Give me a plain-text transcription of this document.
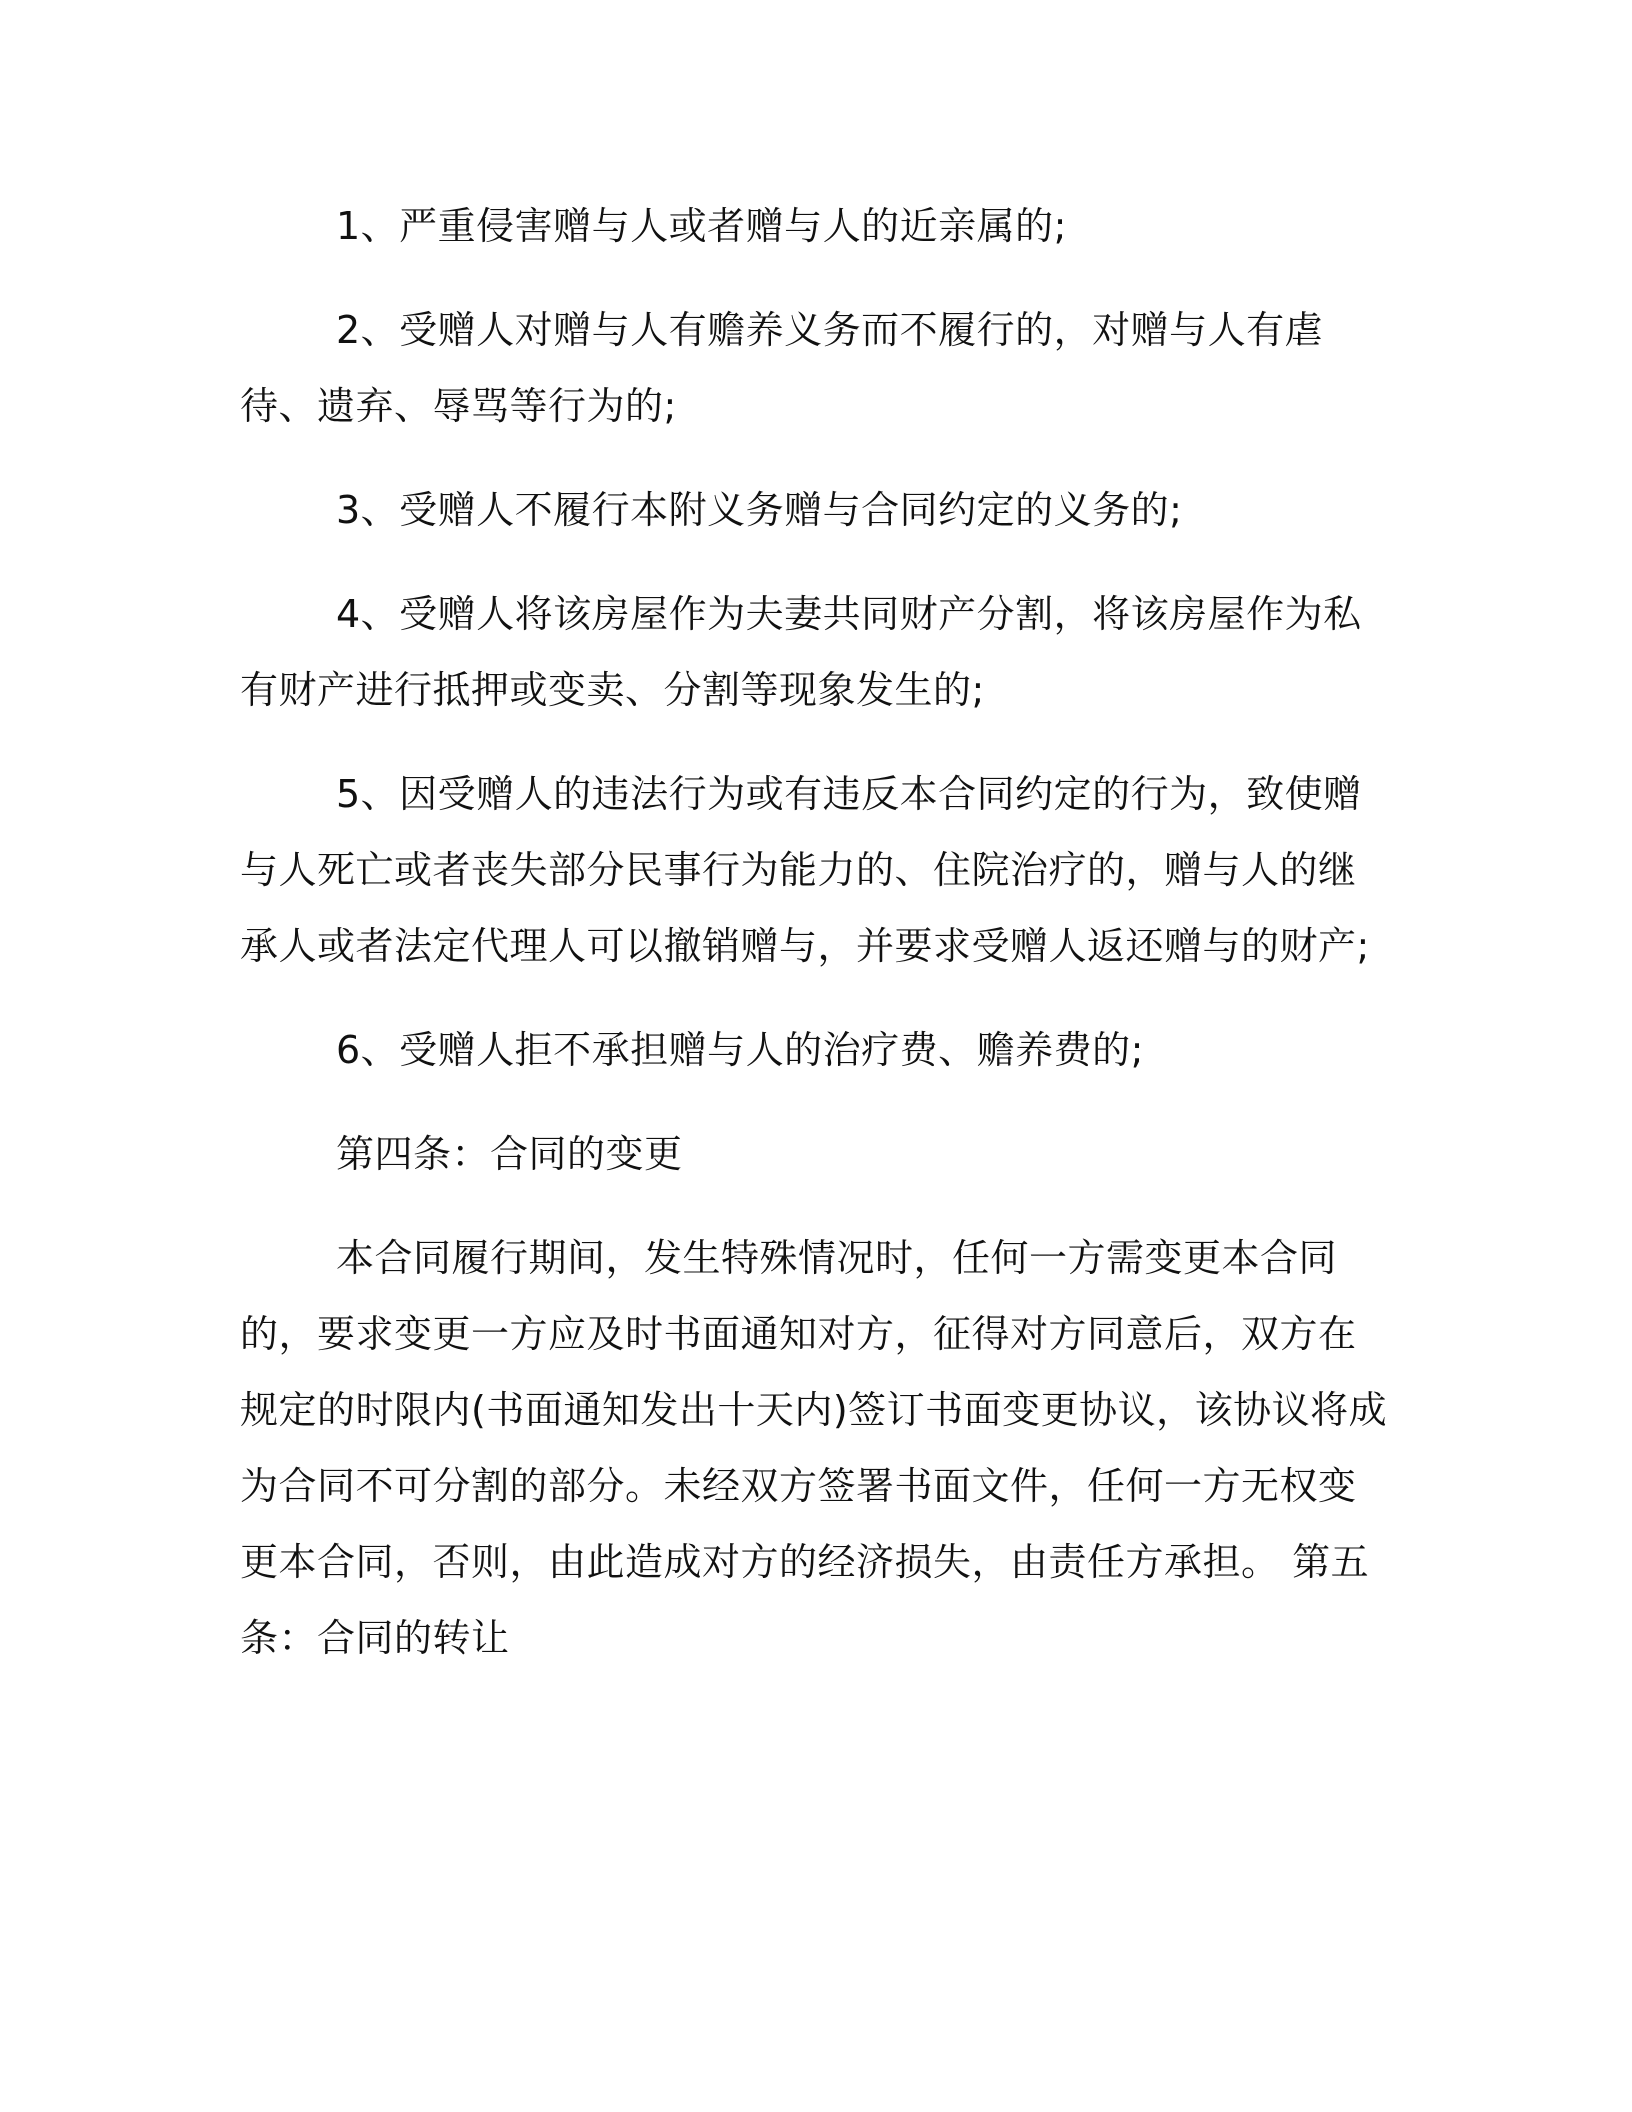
1、严重侵害赠与人或者赠与人的近亲属的;

2、受赠人对赠与人有赡养义务而不履行的，对赠与人有虐待、遗弃、辱骂等行为的;

3、受赠人不履行本附义务赠与合同约定的义务的;

4、受赠人将该房屋作为夫妻共同财产分割，将该房屋作为私有财产进行抵押或变卖、分割等现象发生的;

5、因受赠人的违法行为或有违反本合同约定的行为，致使赠与人死亡或者丧失部分民事行为能力的、住院治疗的，赠与人的继承人或者法定代理人可以撤销赠与，并要求受赠人返还赠与的财产;

6、受赠人拒不承担赠与人的治疗费、赡养费的;

第四条：合同的变更

本合同履行期间，发生特殊情况时，任何一方需变更本合同的，要求变更一方应及时书面通知对方，征得对方同意后，双方在规定的时限内(书面通知发出十天内)签订书面变更协议，该协议将成为合同不可分割的部分。未经双方签署书面文件，任何一方无权变更本合同，否则，由此造成对方的经济损失，由责任方承担。 第五条：合同的转让
